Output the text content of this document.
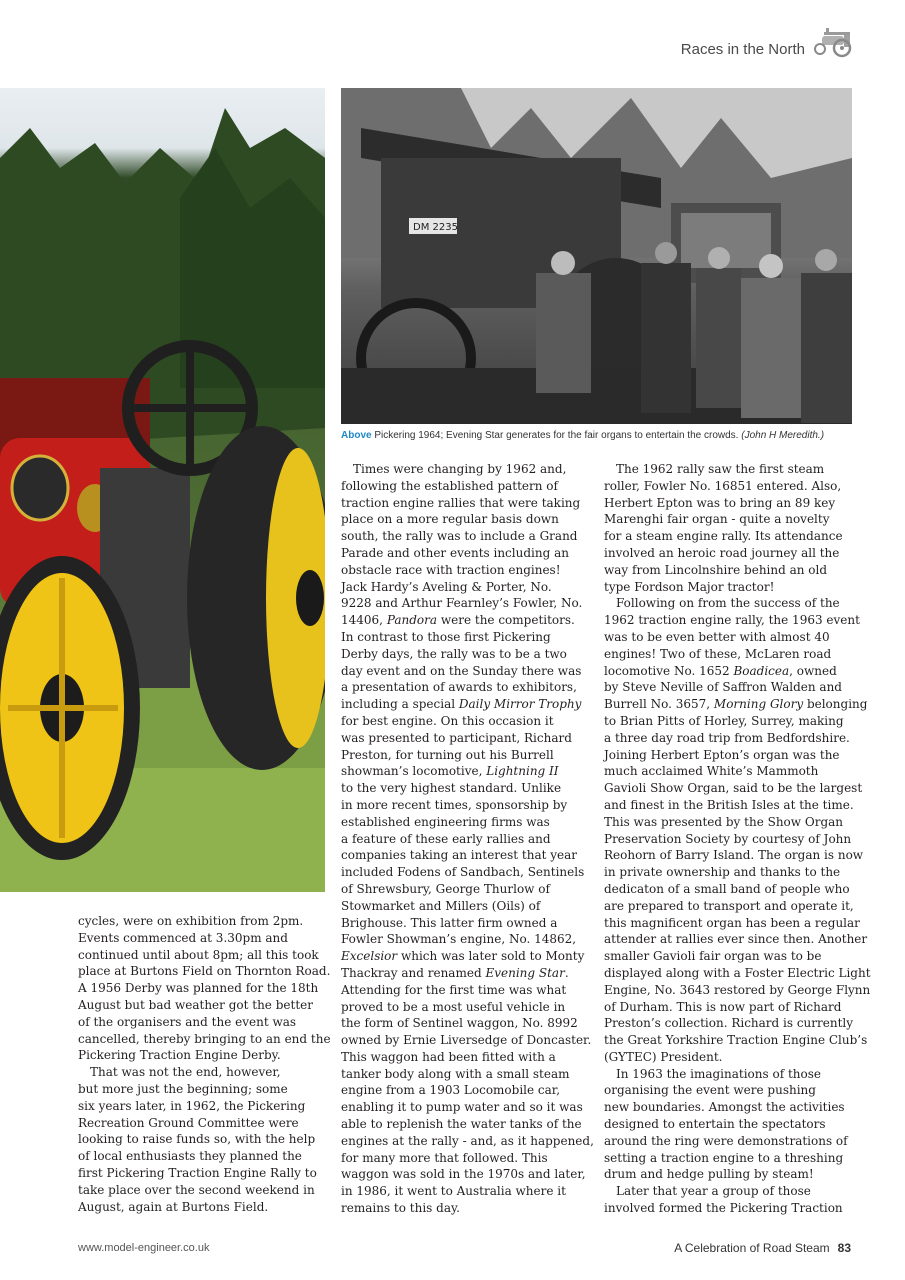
Races in the North
DM 2235
Above Pickering 1964; Evening Star generates for the fair organs to entertain the crowds. (John H Meredith.)
cycles, were on exhibition from 2pm.
Events commenced at 3.30pm and
continued until about 8pm; all this took
place at Burtons Field on Thornton Road.
A 1956 Derby was planned for the 18th
August but bad weather got the better
of the organisers and the event was
cancelled, thereby bringing to an end the
Pickering Traction Engine Derby.
That was not the end, however,
but more just the beginning; some
six years later, in 1962, the Pickering
Recreation Ground Committee were
looking to raise funds so, with the help
of local enthusiasts they planned the
first Pickering Traction Engine Rally to
take place over the second weekend in
August, again at Burtons Field.
Times were changing by 1962 and,
following the established pattern of
traction engine rallies that were taking
place on a more regular basis down
south, the rally was to include a Grand
Parade and other events including an
obstacle race with traction engines!
Jack Hardy’s Aveling & Porter, No.
9228 and Arthur Fearnley’s Fowler, No.
14406, Pandora were the competitors.
In contrast to those first Pickering
Derby days, the rally was to be a two
day event and on the Sunday there was
a presentation of awards to exhibitors,
including a special Daily Mirror Trophy
for best engine. On this occasion it
was presented to participant, Richard
Preston, for turning out his Burrell
showman’s locomotive, Lightning II
to the very highest standard. Unlike
in more recent times, sponsorship by
established engineering firms was
a feature of these early rallies and
companies taking an interest that year
included Fodens of Sandbach, Sentinels
of Shrewsbury, George Thurlow of
Stowmarket and Millers (Oils) of
Brighouse. This latter firm owned a
Fowler Showman’s engine, No. 14862,
Excelsior which was later sold to Monty
Thackray and renamed Evening Star.
Attending for the first time was what
proved to be a most useful vehicle in
the form of Sentinel waggon, No. 8992
owned by Ernie Liversedge of Doncaster.
This waggon had been fitted with a
tanker body along with a small steam
engine from a 1903 Locomobile car,
enabling it to pump water and so it was
able to replenish the water tanks of the
engines at the rally - and, as it happened,
for many more that followed. This
waggon was sold in the 1970s and later,
in 1986, it went to Australia where it
remains to this day.
The 1962 rally saw the first steam
roller, Fowler No. 16851 entered. Also,
Herbert Epton was to bring an 89 key
Marenghi fair organ - quite a novelty
for a steam engine rally. Its attendance
involved an heroic road journey all the
way from Lincolnshire behind an old
type Fordson Major tractor!
Following on from the success of the
1962 traction engine rally, the 1963 event
was to be even better with almost 40
engines! Two of these, McLaren road
locomotive No. 1652 Boadicea, owned
by Steve Neville of Saffron Walden and
Burrell No. 3657, Morning Glory belonging
to Brian Pitts of Horley, Surrey, making
a three day road trip from Bedfordshire.
Joining Herbert Epton’s organ was the
much acclaimed White’s Mammoth
Gavioli Show Organ, said to be the largest
and finest in the British Isles at the time.
This was presented by the Show Organ
Preservation Society by courtesy of John
Reohorn of Barry Island. The organ is now
in private ownership and thanks to the
dedicaton of a small band of people who
are prepared to transport and operate it,
this magnificent organ has been a regular
attender at rallies ever since then. Another
smaller Gavioli fair organ was to be
displayed along with a Foster Electric Light
Engine, No. 3643 restored by George Flynn
of Durham. This is now part of Richard
Preston’s collection. Richard is currently
the Great Yorkshire Traction Engine Club’s
(GYTEC) President.
In 1963 the imaginations of those
organising the event were pushing
new boundaries. Amongst the activities
designed to entertain the spectators
around the ring were demonstrations of
setting a traction engine to a threshing
drum and hedge pulling by steam!
Later that year a group of those
involved formed the Pickering Traction
www.model-engineer.co.uk	A Celebration of Road Steam 83
